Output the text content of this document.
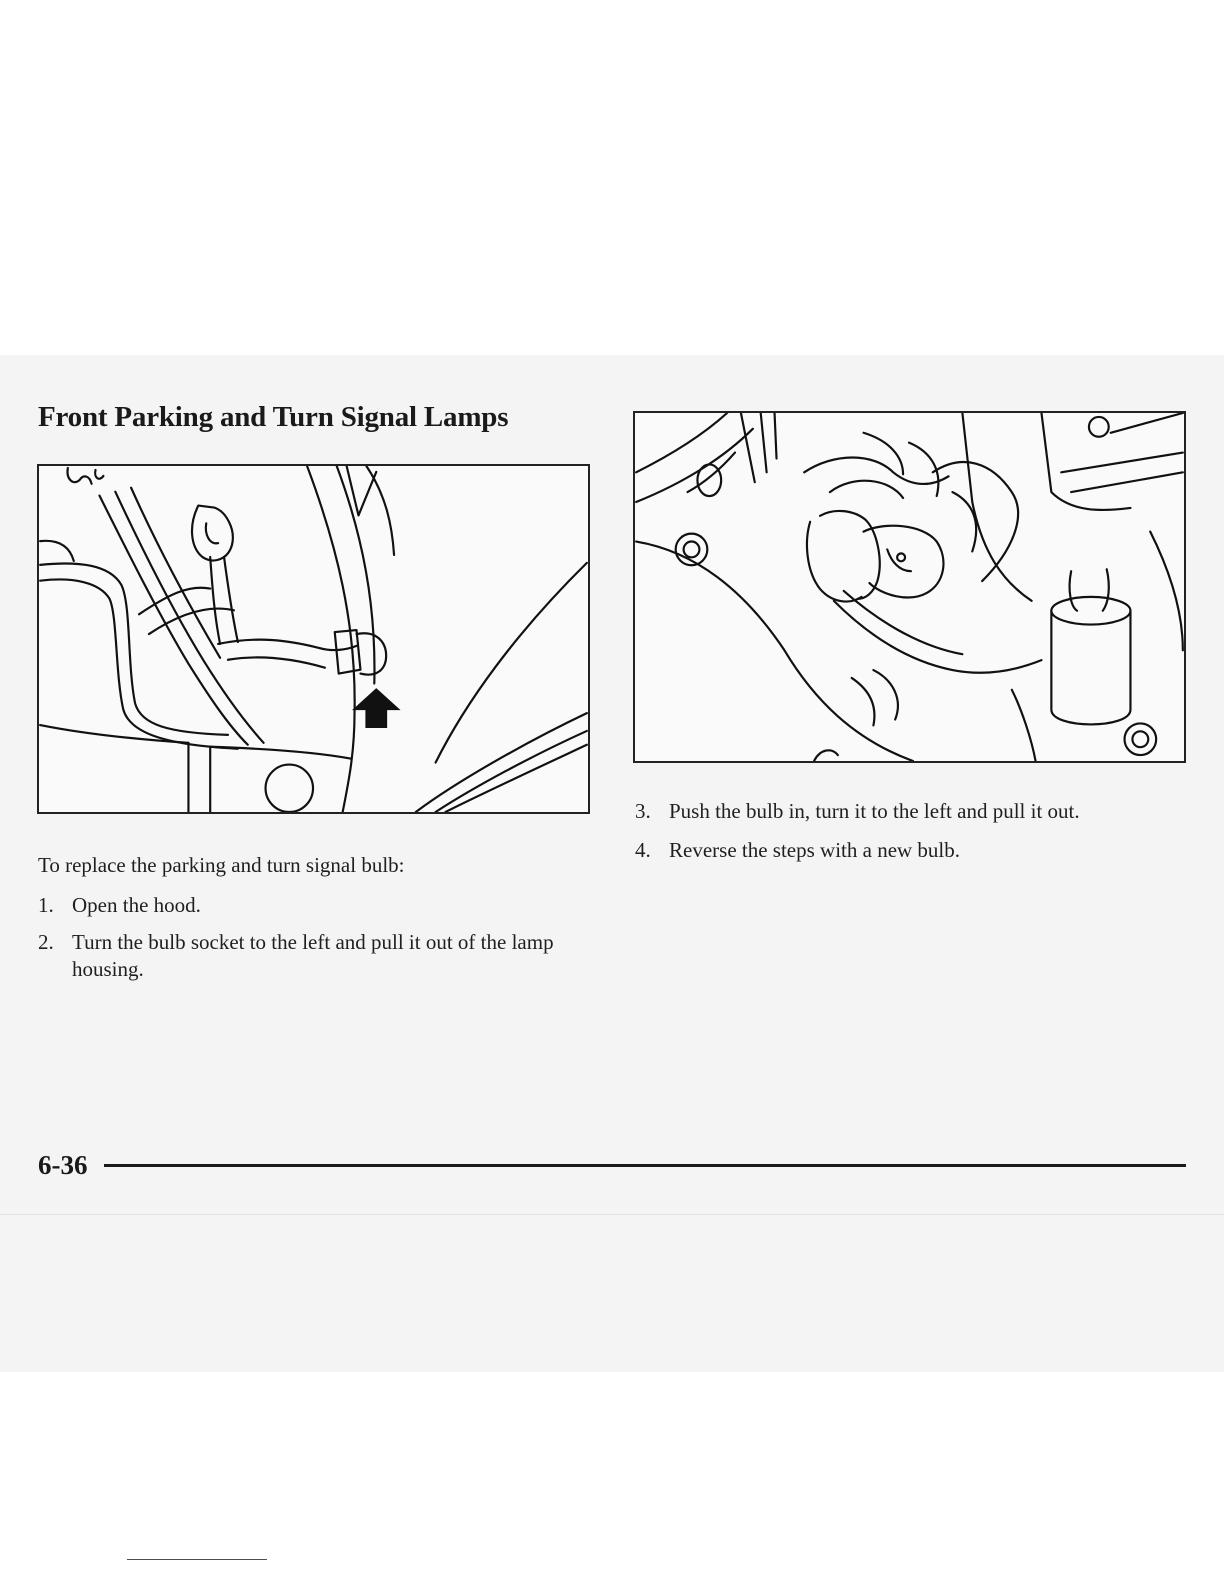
Front Parking and Turn Signal Lamps

To replace the parking and turn signal bulb:

1. Open the hood.
2. Turn the bulb socket to the left and pull it out of the lamp housing.
3. Push the bulb in, turn it to the left and pull it out.
4. Reverse the steps with a new bulb.
6-36
